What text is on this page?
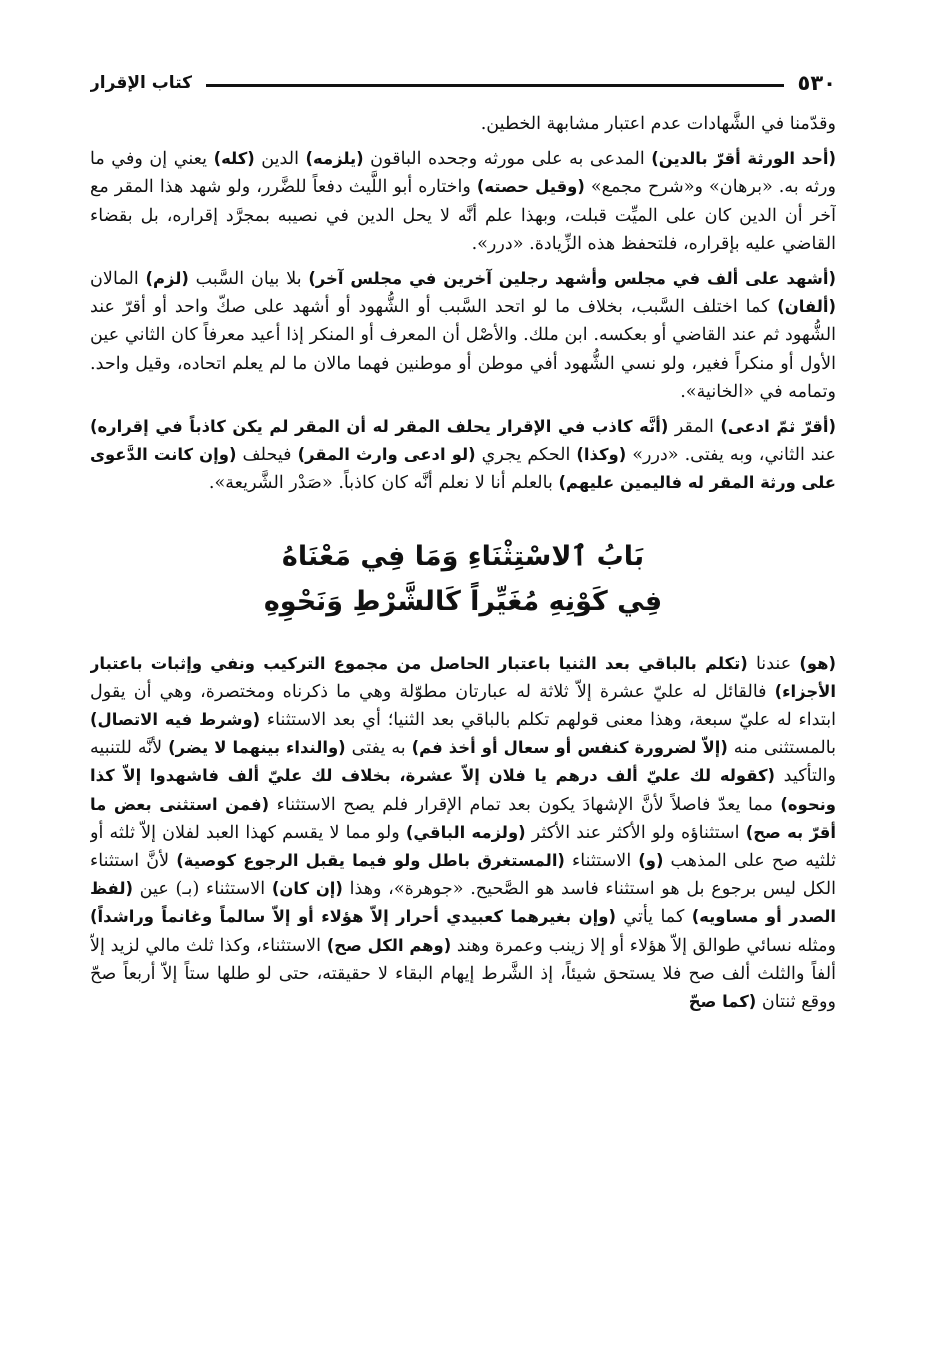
٥٣٠
كتاب الإقرار

وقدّمنا في الشَّهادات عدم اعتبار مشابهة الخطين.

(أحد الورثة أقرّ بالدين) المدعى به على مورثه وجحده الباقون (يلزمه) الدين (كله) يعني إن وفي ما ورثه به. «برهان» و«شرح مجمع» (وقيل حصته) واختاره أبو اللَّيث دفعاً للضَّرر، ولو شهد هذا المقر مع آخر أن الدين كان على الميِّت قبلت، وبهذا علم أنَّه لا يحل الدين في نصيبه بمجرَّد إقراره، بل بقضاء القاضي عليه بإقراره، فلتحفظ هذه الزِّيادة. «درر».

(أشهد على ألف في مجلس وأشهد رجلين آخرين في مجلس آخر) بلا بيان السَّبب (لزم) المالان (ألفان) كما اختلف السَّبب، بخلاف ما لو اتحد السَّبب أو الشُّهود أو أشهد على صكّ واحد أو أقرّ عند الشُّهود ثم عند القاضي أو بعكسه. ابن ملك. والأصْل أن المعرف أو المنكر إذا أعيد معرفاً كان الثاني عين الأول أو منكراً فغير، ولو نسي الشُّهود أفي موطن أو موطنين فهما مالان ما لم يعلم اتحاده، وقيل واحد. وتمامه في «الخانية».

(أقرّ ثمّ ادعى) المقر (أنَّه كاذب في الإقرار يحلف المقر له أن المقر لم يكن كاذباً في إقراره) عند الثاني، وبه يفتى. «درر» (وكذا) الحكم يجري (لو ادعى وارث المقر) فيحلف (وإن كانت الدَّعوى على ورثة المقر له فاليمين عليهم) بالعلم أنا لا نعلم أنَّه كان كاذباً. «صَدْر الشَّريعة».

بَابُ ٱلاسْتِثْنَاءِ وَمَا فِي مَعْنَاهُ
فِي كَوْنِهِ مُغَيِّراً كَالشَّرْطِ وَنَحْوِهِ

(هو) عندنا (تكلم بالباقي بعد الثنيا باعتبار الحاصل من مجموع التركيب ونفي وإثبات باعتبار الأجزاء) فالقائل له عليّ عشرة إلاّ ثلاثة له عبارتان مطوّلة وهي ما ذكرناه ومختصرة، وهي أن يقول ابتداء له عليّ سبعة، وهذا معنى قولهم تكلم بالباقي بعد الثنيا؛ أي بعد الاستثناء (وشرط فيه الاتصال) بالمستثنى منه (إلاّ لضرورة كنفس أو سعال أو أخذ فم) به يفتى (والنداء بينهما لا يضر) لأنَّه للتنبيه والتأكيد (كقوله لك عليّ ألف درهم يا فلان إلاّ عشرة، بخلاف لك عليّ ألف فاشهدوا إلاّ كذا ونحوه) مما يعدّ فاصلاً لأنَّ الإشهادَ يكون بعد تمام الإقرار فلم يصح الاستثناء (فمن استثنى بعض ما أقرّ به صح) استثناؤه ولو الأكثر عند الأكثر (ولزمه الباقي) ولو مما لا يقسم كهذا العبد لفلان إلاّ ثلثه أو ثلثيه صح على المذهب (و) الاستثناء (المستغرق باطل ولو فيما يقبل الرجوع كوصية) لأنَّ استثناء الكل ليس برجوع بل هو استثناء فاسد هو الصَّحيح. «جوهرة»، وهذا (إن كان) الاستثناء (بـ) عين (لفظ الصدر أو مساويه) كما يأتي (وإن بغيرهما كعبيدي أحرار إلاّ هؤلاء أو إلاّ سالماً وغانماً وراشداً) ومثله نسائي طوالق إلاّ هؤلاء أو إلا زينب وعمرة وهند (وهم الكل صح) الاستثناء، وكذا ثلث مالي لزيد إلاّ ألفاً والثلث ألف صح فلا يستحق شيئاً، إذ الشَّرط إيهام البقاء لا حقيقته، حتى لو طلها ستاً إلاّ أربعاً صحّ ووقع ثنتان (كما صحّ
